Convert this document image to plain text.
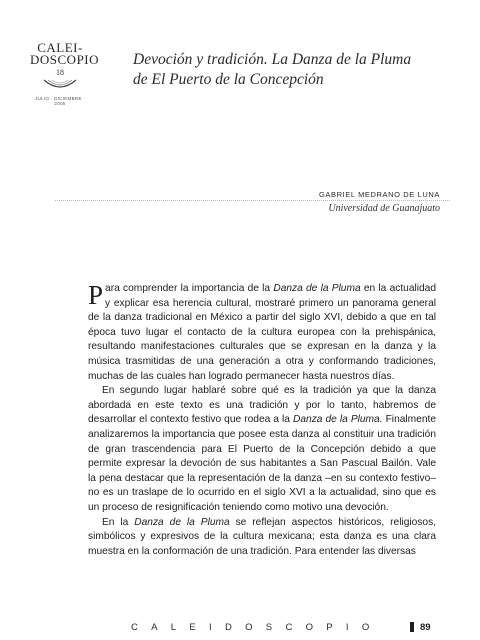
CALEI-
DOSCOPIO
18
JULIO · DICIEMBRE · 2005
Devoción y tradición. La Danza de la Pluma
de El Puerto de la Concepción
GABRIEL MEDRANO DE LUNA
Universidad de Guanajuato

Para comprender la importancia de la Danza de la Pluma en la actualidad y explicar esa herencia cultural, mostraré primero un panorama general de la danza tradicional en México a partir del siglo XVI, debido a que en tal época tuvo lugar el contacto de la cultura europea con la prehispánica, resultando manifestaciones culturales que se expresan en la danza y la música trasmitidas de una generación a otra y conformando tradiciones, muchas de las cuales han logrado permanecer hasta nuestros días.

En segundo lugar hablaré sobre qué es la tradición ya que la danza abordada en este texto es una tradición y por lo tanto, habremos de desarrollar el contexto festivo que rodea a la Danza de la Pluma. Finalmente analizaremos la importancia que posee esta danza al constituir una tradición de gran trascendencia para El Puerto de la Concepción debido a que permite expresar la devoción de sus habitantes a San Pascual Bailón. Vale la pena destacar que la representación de la danza –en su contexto festivo– no es un traslape de lo ocurrido en el siglo XVI a la actualidad, sino que es un proceso de resignificación teniendo como motivo una devoción.

En la Danza de la Pluma se reflejan aspectos históricos, religiosos, simbólicos y expresivos de la cultura mexicana; esta danza es una clara muestra en la conformación de una tradición. Para entender las diversas

CALEIDOSCOPIO	89
